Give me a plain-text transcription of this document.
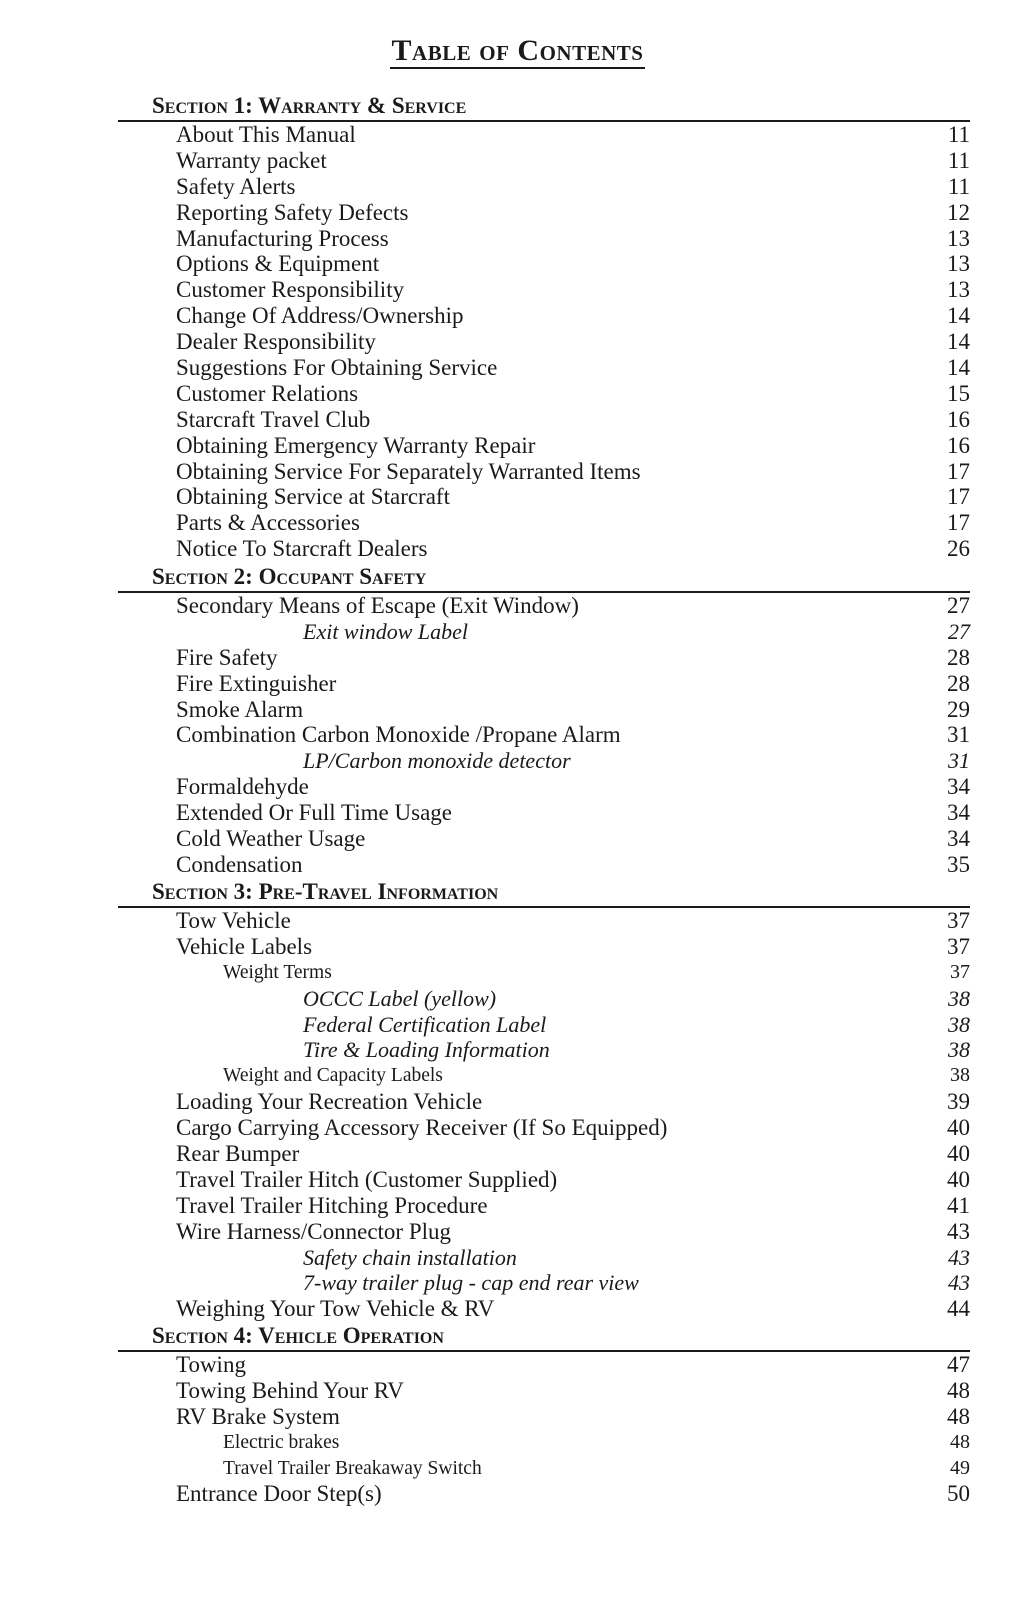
Table of Contents
Section 1: Warranty & Service
About This Manual	11
Warranty packet	11
Safety Alerts	11
Reporting Safety Defects	12
Manufacturing Process	13
Options & Equipment	13
Customer Responsibility	13
Change Of Address/Ownership	14
Dealer Responsibility	14
Suggestions For Obtaining Service	14
Customer Relations	15
Starcraft Travel Club	16
Obtaining Emergency Warranty Repair	16
Obtaining Service For Separately Warranted Items	17
Obtaining Service at Starcraft	17
Parts & Accessories	17
Notice To Starcraft Dealers	26
Section 2: Occupant Safety
Secondary Means of Escape (Exit Window)	27
Exit window Label	27
Fire Safety	28
Fire Extinguisher	28
Smoke Alarm	29
Combination Carbon Monoxide /Propane Alarm	31
LP/Carbon monoxide detector	31
Formaldehyde	34
Extended Or Full Time Usage	34
Cold Weather Usage	34
Condensation	35
Section 3: Pre-Travel Information
Tow Vehicle	37
Vehicle Labels	37
Weight Terms	37
OCCC Label (yellow)	38
Federal Certification Label	38
Tire & Loading Information	38
Weight and Capacity Labels	38
Loading Your Recreation Vehicle	39
Cargo Carrying Accessory Receiver (If So Equipped)	40
Rear Bumper	40
Travel Trailer Hitch (Customer Supplied)	40
Travel Trailer Hitching Procedure	41
Wire Harness/Connector Plug	43
Safety chain installation	43
7-way trailer plug - cap end rear view	43
Weighing Your Tow Vehicle & RV	44
Section 4: Vehicle Operation
Towing	47
Towing Behind Your RV	48
RV Brake System	48
Electric brakes	48
Travel Trailer Breakaway Switch	49
Entrance Door Step(s)	50
